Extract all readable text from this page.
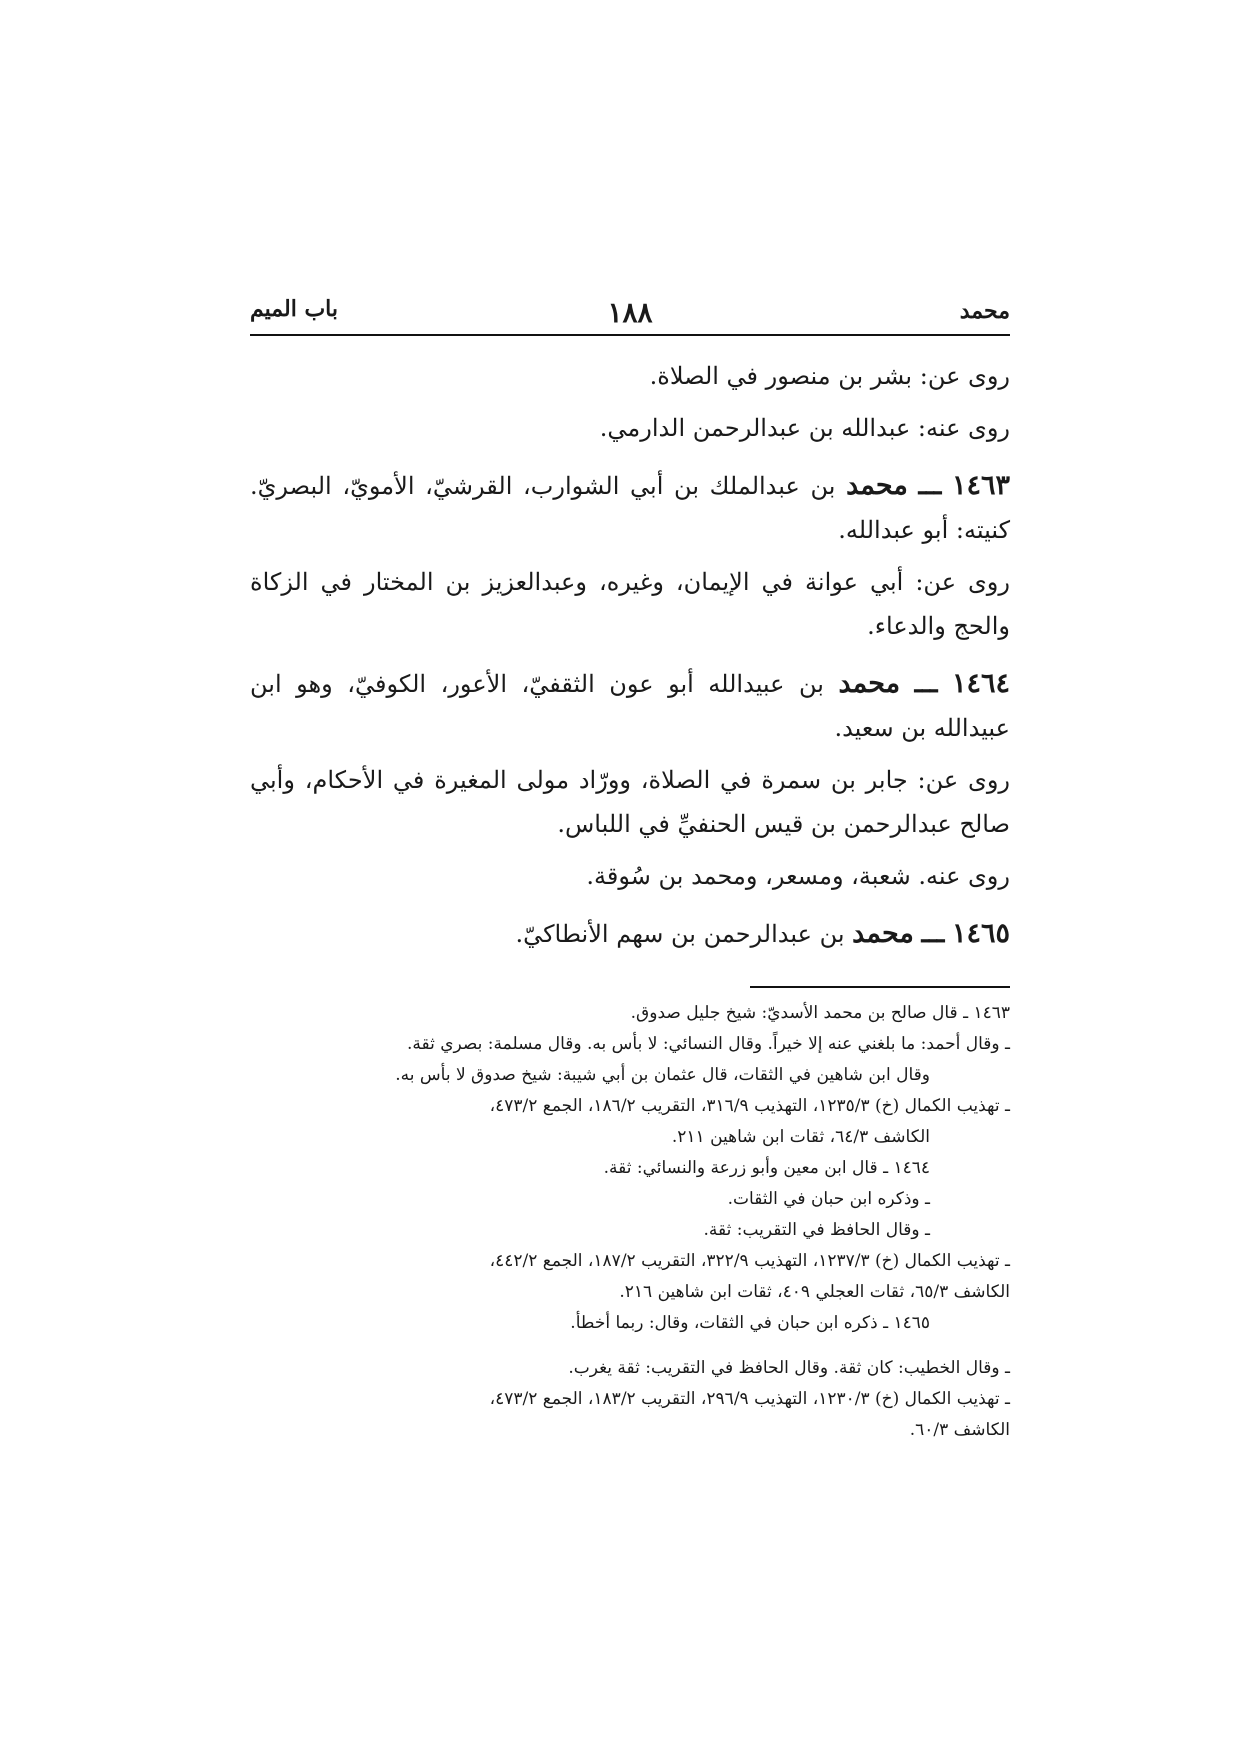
محمد
١٨٨
باب الميم

روى عن: بشر بن منصور في الصلاة.

روى عنه: عبدالله بن عبدالرحمن الدارمي.

١٤٦٣ ـــ محمد بن عبدالملك بن أبي الشوارب، القرشيّ، الأمويّ، البصريّ. كنيته: أبو عبدالله.

روى عن: أبي عوانة في الإيمان، وغيره، وعبدالعزيز بن المختار في الزكاة والحج والدعاء.

١٤٦٤ ـــ محمد بن عبيدالله أبو عون الثقفيّ، الأعور، الكوفيّ، وهو ابن عبيدالله بن سعيد.

روى عن: جابر بن سمرة في الصلاة، وورّاد مولى المغيرة في الأحكام، وأبي صالح عبدالرحمن بن قيس الحنفيِّ في اللباس.

روى عنه. شعبة، ومسعر، ومحمد بن سُوقة.

١٤٦٥ ـــ محمد بن عبدالرحمن بن سهم الأنطاكيّ.

١٤٦٣ ـ قال صالح بن محمد الأسديّ: شيخ جليل صدوق.

ـ وقال أحمد: ما بلغني عنه إلا خيراً. وقال النسائي: لا بأس به. وقال مسلمة: بصري ثقة.

وقال ابن شاهين في الثقات، قال عثمان بن أبي شيبة: شيخ صدوق لا بأس به.

ـ تهذيب الكمال (خ) ١٢٣٥/٣، التهذيب ٣١٦/٩، التقريب ١٨٦/٢، الجمع ٤٧٣/٢،

الكاشف ٦٤/٣، ثقات ابن شاهين ٢١١.

١٤٦٤ ـ قال ابن معين وأبو زرعة والنسائي: ثقة.

ـ وذكره ابن حبان في الثقات.

ـ وقال الحافظ في التقريب: ثقة.

ـ تهذيب الكمال (خ) ١٢٣٧/٣، التهذيب ٣٢٢/٩، التقريب ١٨٧/٢، الجمع ٤٤٢/٢،

الكاشف ٦٥/٣، ثقات العجلي ٤٠٩، ثقات ابن شاهين ٢١٦.

١٤٦٥ ـ ذكره ابن حبان في الثقات، وقال: ربما أخطأ.

ـ وقال الخطيب: كان ثقة. وقال الحافظ في التقريب: ثقة يغرب.

ـ تهذيب الكمال (خ) ١٢٣٠/٣، التهذيب ٢٩٦/٩، التقريب ١٨٣/٢، الجمع ٤٧٣/٢،

الكاشف ٦٠/٣.
